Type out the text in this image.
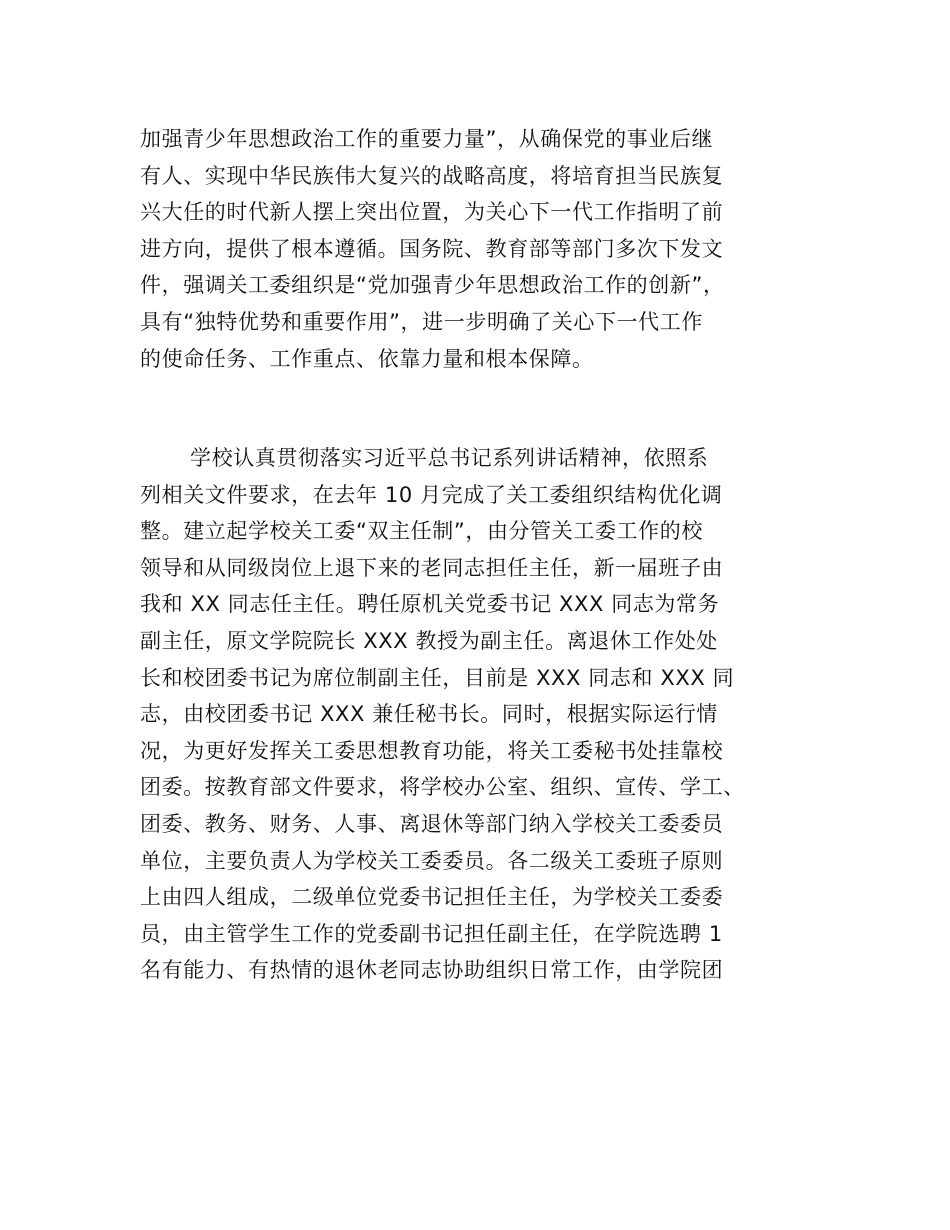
加强青少年思想政治工作的重要力量”，从确保党的事业后继
有人、实现中华民族伟大复兴的战略高度，将培育担当民族复
兴大任的时代新人摆上突出位置，为关心下一代工作指明了前
进方向，提供了根本遵循。国务院、教育部等部门多次下发文
件，强调关工委组织是“党加强青少年思想政治工作的创新”，
具有“独特优势和重要作用”，进一步明确了关心下一代工作
的使命任务、工作重点、依靠力量和根本保障。
学校认真贯彻落实习近平总书记系列讲话精神，依照系
列相关文件要求，在去年 10 月完成了关工委组织结构优化调
整。建立起学校关工委“双主任制”，由分管关工委工作的校
领导和从同级岗位上退下来的老同志担任主任，新一届班子由
我和 XX 同志任主任。聘任原机关党委书记 XXX 同志为常务
副主任，原文学院院长 XXX 教授为副主任。离退休工作处处
长和校团委书记为席位制副主任，目前是 XXX 同志和 XXX 同
志，由校团委书记 XXX 兼任秘书长。同时，根据实际运行情
况，为更好发挥关工委思想教育功能，将关工委秘书处挂靠校
团委。按教育部文件要求，将学校办公室、组织、宣传、学工、
团委、教务、财务、人事、离退休等部门纳入学校关工委委员
单位，主要负责人为学校关工委委员。各二级关工委班子原则
上由四人组成，二级单位党委书记担任主任，为学校关工委委
员，由主管学生工作的党委副书记担任副主任，在学院选聘 1
名有能力、有热情的退休老同志协助组织日常工作，由学院团
